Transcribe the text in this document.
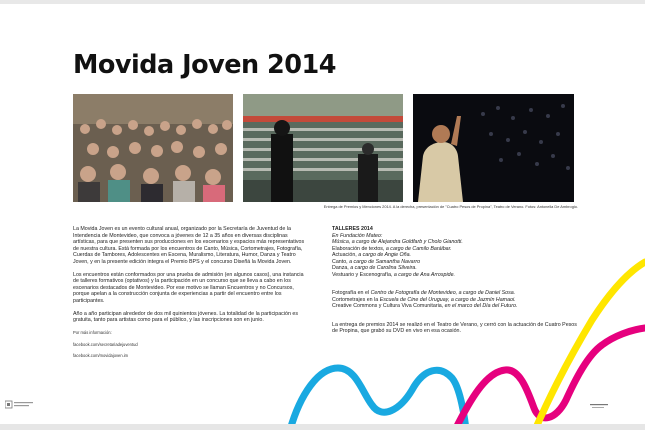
Movida Joven 2014
Entrega de Premios y Menciones 2014. A la derecha, presentación de "Cuatro Pesos de Propina", Teatro de Verano. Fotos: Antonella De Ambrogio.

La Movida Joven es un evento cultural anual, organizado por la Secretaría de Juventud de la Intendencia de Montevideo, que convoca a jóvenes de 12 a 35 años en diversas disciplinas artísticas, para que presenten sus producciones en los escenarios y espacios más representativos de nuestra cultura. Está formada por los encuentros de Canto, Música, Cortometrajes, Fotografía, Cuerdas de Tambores, Adolescentes en Escena, Muralismo, Literatura, Humor, Danza y Teatro Joven, y en la presente edición integra el Premio BPS y el concurso Diseñá la Movida Joven.

Los encuentros están conformados por una prueba de admisión (en algunos casos), una instancia de talleres formativos (optativos) y la participación en un concurso que se lleva a cabo en los escenarios destacados de Montevideo. Por ese motivo se llaman Encuentros y no Concursos, porque apelan a la construcción conjunta de experiencias a partir del encuentro entre los participantes.

Año a año participan alrededor de dos mil quinientos jóvenes. La totalidad de la participación es gratuita, tanto para artistas como para el público, y las inscripciones son en junio.

Por más información:

facebook.com/secretariadejuventud

facebook.com/movidajoven.im

TALLERES 2014
En Fundación Mateo:
Música, a cargo de Alejandra Goldfarb y Cholo Gianotti.
Elaboración de textos, a cargo de Camilo Baráibar.
Actuación, a cargo de Angie Oña.
Canto, a cargo de Samantha Navarro
Danza, a cargo de Carolina Silveira.
Vestuario y Escenografía, a cargo de Ana Arrospide.
Fotografía en el Centro de Fotografía de Montevideo, a cargo de Daniel Sosa.
Cortometrajes en la Escuela de Cine del Uruguay, a cargo de Jazmín Hamaoi.
Creative Commons y Cultura Viva Comunitaria, en el marco del Día del Futuro.

La entrega de premios 2014 se realizó en el Teatro de Verano, y cerró con la actuación de Cuatro Pesos de Propina, que grabó su DVD en vivo en esa ocasión.
